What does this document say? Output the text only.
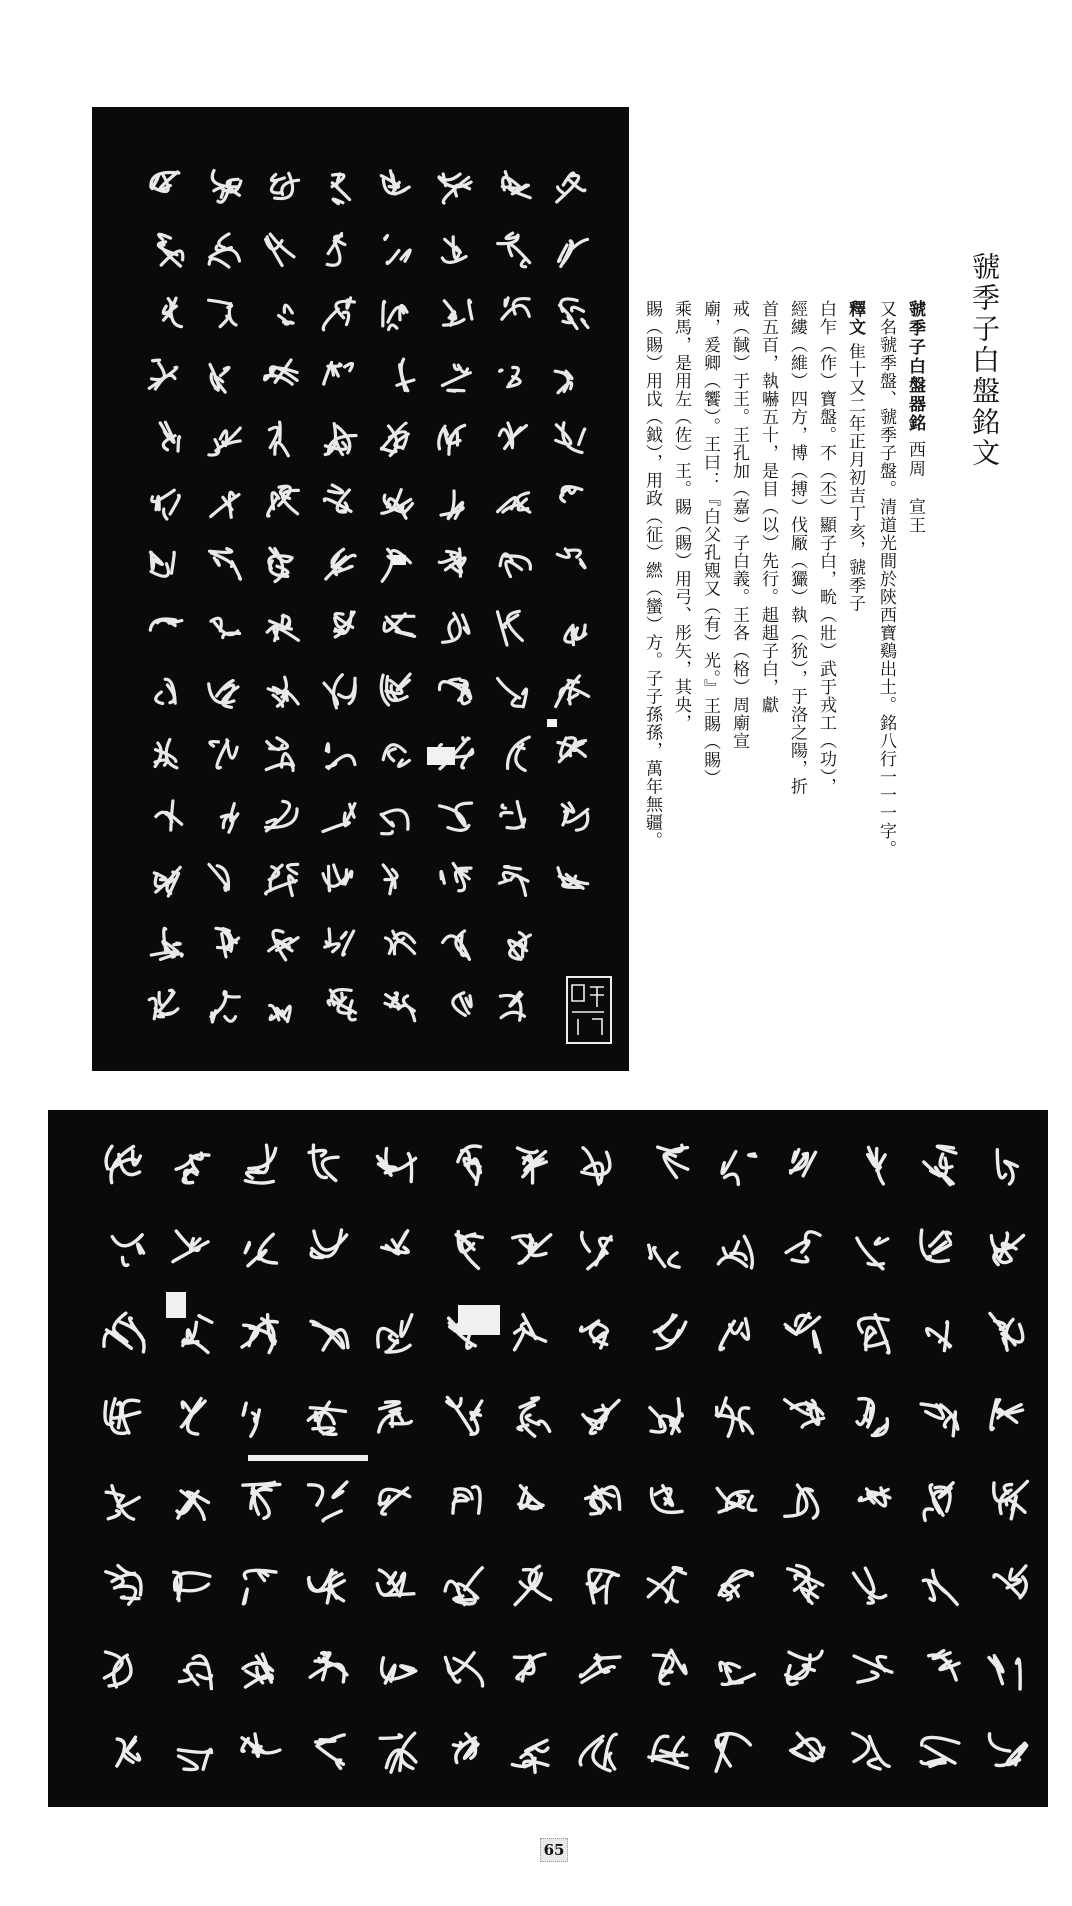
虢季子白盤銘文
虢季子白盤器銘 西周　宣王
又名虢季盤、虢季子盤。清道光間於陝西寶鷄出土。銘八行一一一字。
釋文 隹十又二年正月初吉丁亥，虢季子
白乍（作）寶盤。不（丕）顯子白，㽙（壯）武于戎工（功），
經縷（維）四方，博（搏）伐厰（玁）執（狁），于洛之陽，折
首五百，執嚇五十，是目（以）先行。趄趄子白，獻
戒（馘）于王。王孔加（嘉）子白義。王各（格）周廟宣
廟，爰卿（饗）。王曰：『白父孔覭又（有）光。』王賜（賜）
乘馬，是用左（佐）王。賜（賜）用弓、彤矢，其央，
賜（賜）用戉（鉞），用政（征）繎（蠻）方。子子孫孫，萬年無疆。
65
